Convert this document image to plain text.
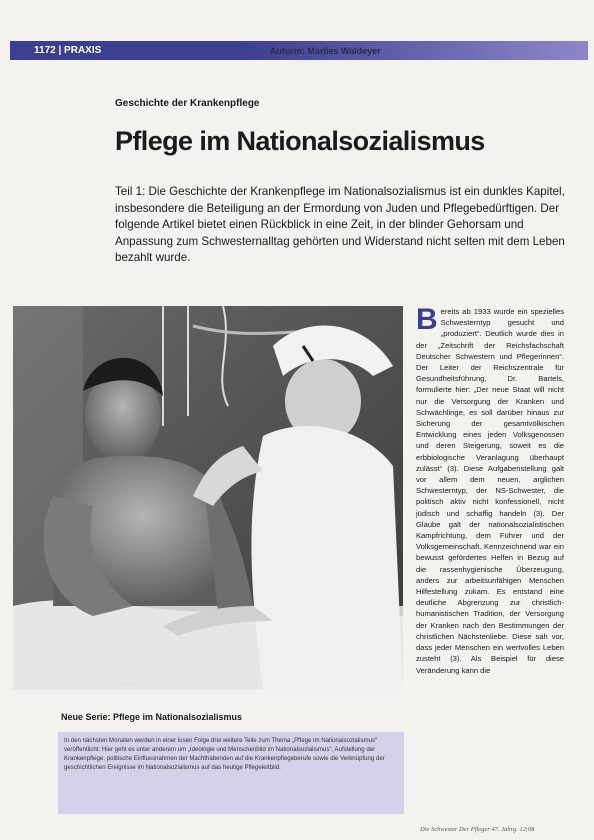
1172 | PRAXIS	Autorin: Marlies Waldeyer
Geschichte der Krankenpflege
Pflege im Nationalsozialismus
Teil 1: Die Geschichte der Krankenpflege im Nationalsozialismus ist ein dunkles Kapitel, insbesondere die Beteiligung an der Ermordung von Juden und Pflegebedürftigen. Der folgende Artikel bietet einen Rückblick in eine Zeit, in der blinder Gehorsam und Anpassung zum Schwesternalltag gehörten und Widerstand nicht selten mit dem Leben bezahlt wurde.
Foto: dpa
Neue Serie: Pflege im Nationalsozialismus
In den nächsten Monaten werden in einer losen Folge drei weitere Teile zum Thema „Pflege im Nationalsozialismus“ veröffentlicht. Hier geht es unter anderem um „Ideologie und Menschenbild im Nationalsozialismus“, Aufstellung der Krankenpflege, politische Einflussnahmen der Machthabenden auf die Krankenpflegeberufe sowie die Verknüpfung der geschichtlichen Ereignisse im Nationalsozialismus auf das heutige Pflegeleitbild.
Bereits ab 1933 wurde ein spezielles Schwesterntyp gesucht und „produziert“. Deutlich wurde dies in der „Zeitschrift der Reichsfachschaft Deutscher Schwestern und Pflegerinnen“. Der Leiter der Reichszentrale für Gesundheitsführung, Dr. Bartels, formulierte hier: „Der neue Staat will nicht nur die Versorgung der Kranken und Schwächlinge, es soll darüber hinaus zur Sicherung der gesamtvölkischen Entwicklung eines jeden Volksgenossen und deren Steigerung, soweit es die erbbiologische Veranlagung überhaupt zulässt“ (3). Diese Aufgabenstellung galt vor allem dem neuen, arglichen Schwesterntyp, der NS-Schwester, die politisch aktiv nicht konfessionell, nicht jüdisch und schaffig handeln (3). Der Glaube galt der nationalsozialistischen Kampfrichtung, dem Führer und der Volksgemeinschaft. Kennzeichnend war ein bewusst gefördertes Helfen in Bezug auf die rassenhygienische Überzeugung, anders zur arbeitsunfähigen Menschen Hilfestellung zukam. Es entstand eine deutliche Abgrenzung zur christlich-humanistischen Tradition, der Versorgung der Kranken nach den Bestimmungen der christlichen Nächstenliebe. Diese sah vor, dass jeder Menschen ein wertvolles Leben zusteht (3). Als Beispiel für diese Veränderung kann die
Die Schwester Der Pfleger 47. Jahrg. 12|08
